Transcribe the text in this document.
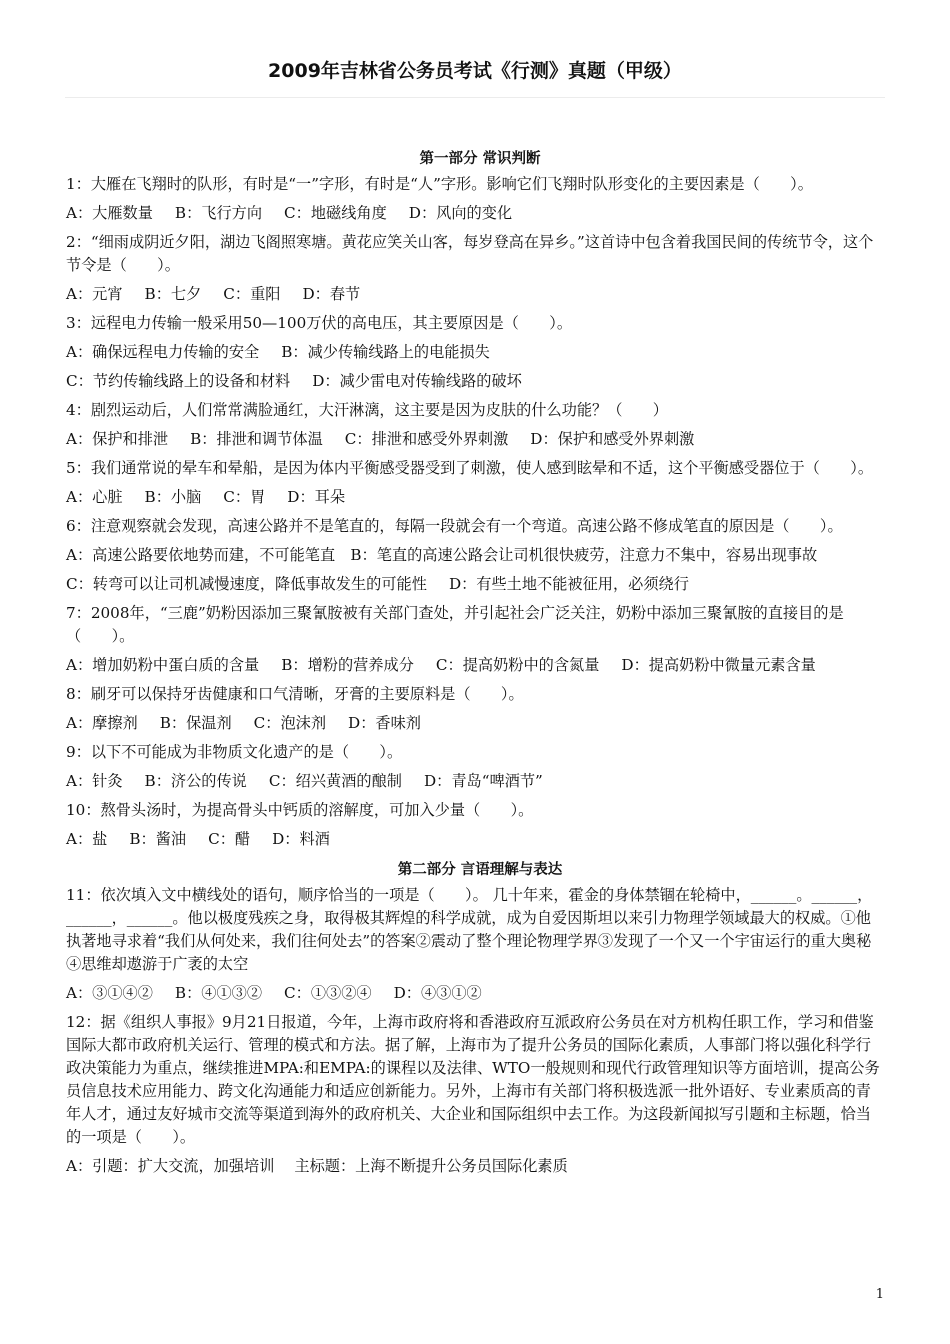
2009年吉林省公务员考试《行测》真题（甲级）
第一部分 常识判断
1：大雁在飞翔时的队形，有时是“一”字形，有时是“人”字形。影响它们飞翔时队形变化的主要因素是（　　）。
A：大雁数量 B：飞行方向 C：地磁线角度 D：风向的变化
2：“细雨成阴近夕阳，湖边飞阁照寒塘。黄花应笑关山客，每岁登高在异乡。”这首诗中包含着我国民间的传统节令，这个节令是（　　）。
A：元宵 B：七夕 C：重阳 D：春节
3：远程电力传输一般采用50—100万伏的高电压，其主要原因是（　　）。
A：确保远程电力传输的安全 B：减少传输线路上的电能损失
C：节约传输线路上的设备和材料 D：减少雷电对传输线路的破坏
4：剧烈运动后，人们常常满脸通红，大汗淋漓，这主要是因为皮肤的什么功能？（　　）
A：保护和排泄 B：排泄和调节体温 C：排泄和感受外界刺激 D：保护和感受外界刺激
5：我们通常说的晕车和晕船，是因为体内平衡感受器受到了刺激，使人感到眩晕和不适，这个平衡感受器位于（　　）。
A：心脏 B：小脑 C：胃 D：耳朵
6：注意观察就会发现，高速公路并不是笔直的，每隔一段就会有一个弯道。高速公路不修成笔直的原因是（　　）。
A：高速公路要依地势而建，不可能笔直　B：笔直的高速公路会让司机很快疲劳，注意力不集中，容易出现事故
C：转弯可以让司机减慢速度，降低事故发生的可能性 D：有些土地不能被征用，必须绕行
7：2008年，“三鹿”奶粉因添加三聚氰胺被有关部门查处，并引起社会广泛关注，奶粉中添加三聚氰胺的直接目的是（　　）。
A：增加奶粉中蛋白质的含量 B：增粉的营养成分 C：提高奶粉中的含氮量 D：提高奶粉中微量元素含量
8：刷牙可以保持牙齿健康和口气清晰，牙膏的主要原料是（　　）。
A：摩擦剂 B：保温剂 C：泡沫剂 D：香味剂
9：以下不可能成为非物质文化遗产的是（　　）。
A：针灸 B：济公的传说 C：绍兴黄酒的酿制 D：青岛“啤酒节”
10：熬骨头汤时，为提高骨头中钙质的溶解度，可加入少量（　　）。
A：盐 B：酱油 C：醋 D：料酒
第二部分 言语理解与表达
11：依次填入文中横线处的语句，顺序恰当的一项是（　　）。 几十年来，霍金的身体禁锢在轮椅中，______。______，______，______。他以极度残疾之身，取得极其辉煌的科学成就，成为自爱因斯坦以来引力物理学领域最大的权威。①他执著地寻求着“我们从何处来，我们往何处去”的答案②震动了整个理论物理学界③发现了一个又一个宇宙运行的重大奥秘④思维却遨游于广袤的太空
A：③①④② B：④①③② C：①③②④ D：④③①②
12：据《组织人事报》9月21日报道，今年，上海市政府将和香港政府互派政府公务员在对方机构任职工作，学习和借鉴国际大都市政府机关运行、管理的模式和方法。据了解，上海市为了提升公务员的国际化素质，人事部门将以强化科学行政决策能力为重点，继续推进MPA:和EMPA:的课程以及法律、WTO一般规则和现代行政管理知识等方面培训，提高公务员信息技术应用能力、跨文化沟通能力和适应创新能力。另外，上海市有关部门将积极选派一批外语好、专业素质高的青年人才，通过友好城市交流等渠道到海外的政府机关、大企业和国际组织中去工作。为这段新闻拟写引题和主标题，恰当的一项是（　　）。
A：引题：扩大交流，加强培训　 主标题：上海不断提升公务员国际化素质
1
